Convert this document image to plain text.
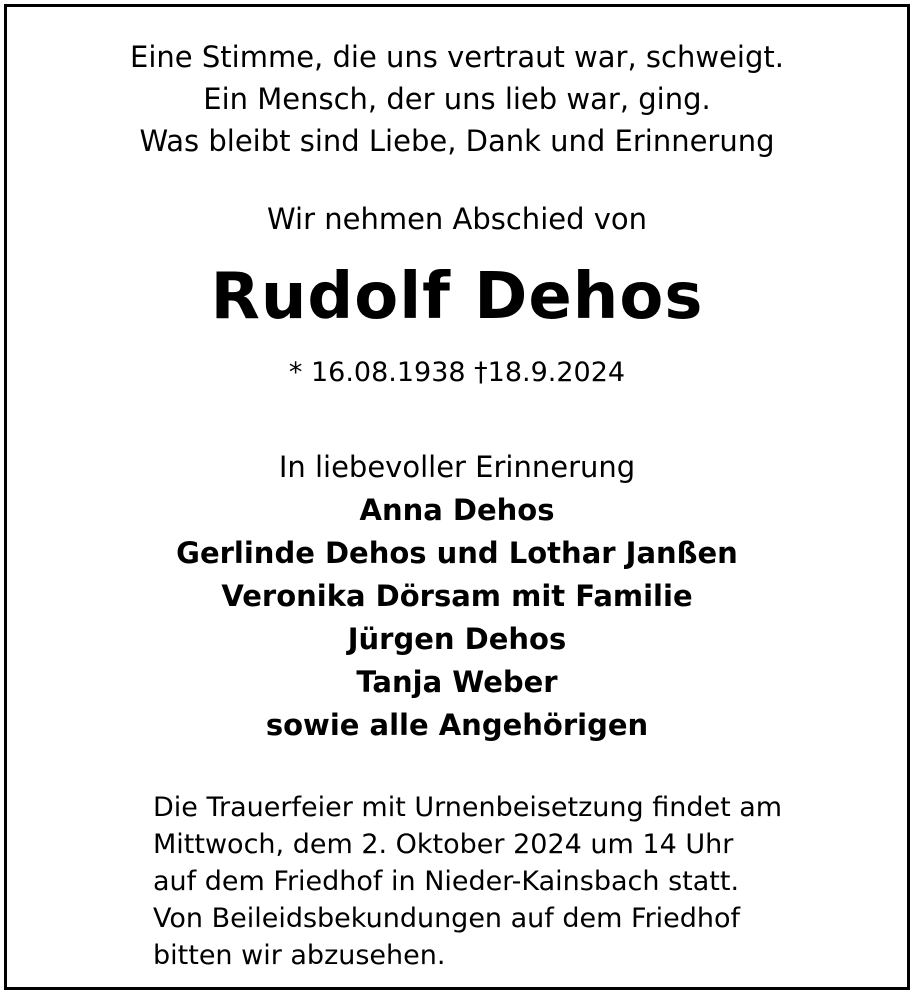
Eine Stimme, die uns vertraut war, schweigt.

Ein Mensch, der uns lieb war, ging.

Was bleibt sind Liebe, Dank und Erinnerung

Wir nehmen Abschied von

Rudolf Dehos

* 16.08.1938 †18.9.2024

In liebevoller Erinnerung

Anna Dehos

Gerlinde Dehos und Lothar Janßen

Veronika Dörsam mit Familie

Jürgen Dehos

Tanja Weber

sowie alle Angehörigen

Die Trauerfeier mit Urnenbeisetzung findet am
Mittwoch, dem 2. Oktober 2024 um 14 Uhr
auf dem Friedhof in Nieder-Kainsbach statt.
Von Beileidsbekundungen auf dem Friedhof
bitten wir abzusehen.
